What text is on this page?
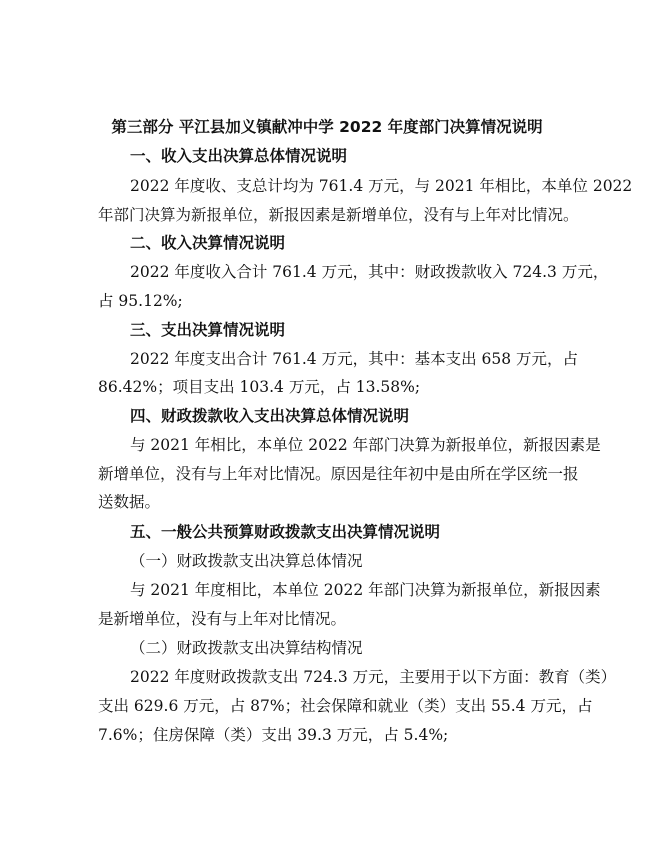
第三部分 平江县加义镇献冲中学 2022 年度部门决算情况说明
一、收入支出决算总体情况说明
2022 年度收、支总计均为 761.4 万元，与 2021 年相比，本单位 2022
年部门决算为新报单位，新报因素是新增单位，没有与上年对比情况。
二、收入决算情况说明
2022 年度收入合计 761.4 万元，其中：财政拨款收入 724.3 万元，
占 95.12%;
三、支出决算情况说明
2022 年度支出合计 761.4 万元，其中：基本支出 658 万元，占
86.42%；项目支出 103.4 万元，占 13.58%;
四、财政拨款收入支出决算总体情况说明
与 2021 年相比，本单位 2022 年部门决算为新报单位，新报因素是
新增单位，没有与上年对比情况。原因是往年初中是由所在学区统一报
送数据。
五、一般公共预算财政拨款支出决算情况说明
（一）财政拨款支出决算总体情况
与 2021 年度相比，本单位 2022 年部门决算为新报单位，新报因素
是新增单位，没有与上年对比情况。
（二）财政拨款支出决算结构情况
2022 年度财政拨款支出 724.3 万元，主要用于以下方面：教育（类）
支出 629.6 万元，占 87%；社会保障和就业（类）支出 55.4 万元，占
7.6%；住房保障（类）支出 39.3 万元，占 5.4%;
